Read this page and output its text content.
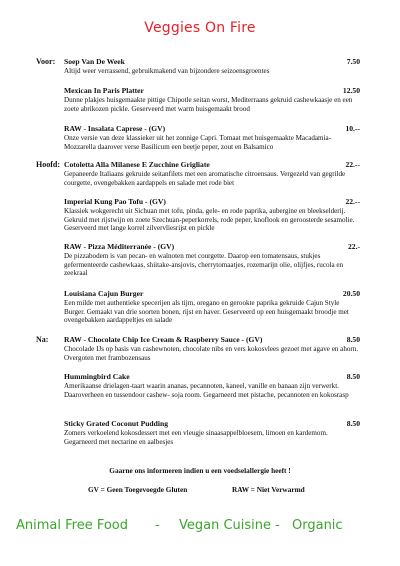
Veggies On Fire
Voor: Soep Van De Week	7.50
Altijd weer verrassend, gebruikmakend van bijzondere seizoensgroentes
Mexican In Paris Platter	12.50
Dunne plakjes huisgemaakte pittige Chipotle seitan worst, Mediterraans gekruid cashewkaasje en een zoete abrikozen pickle. Geserveerd met warm huisgemaakt brood
RAW - Insalata Caprese - (GV)	10.--
Onze versie van deze klassieker uit het zonnige Capri. Tomaat met huisgemaakte Macadamia-Mozzarella daarover verse Basilicum een beetje peper, zout en Balsamico
Hoofd: Cotoletta Alla Milanese E Zucchine Grigliate	22.--
Gepaneerde Italiaans gekruide seitanfilets met een aromatische citroensaus. Vergezeld van gegrilde courgette, ovengebakken aardappels en salade met rode biet
Imperial Kung Pao Tofu - (GV)	22.--
Klassiek wokgerecht uit Sichuan met tofu, pinda, gele- en rode paprika, aubergine en bleekselderij. Gekruid met rijstwijn en zoete Szechuan-peperkorrels, rode peper, knoflook en geroosterde sesamolie. Geserveerd met lange korrel zilvervliesrijst en pickle
RAW - Pizza Méditerranée - (GV)	22.-
De pizzabodem is van pecan- en walnoten met courgette. Daarop een tomatensaus, stukjes gefermenteerde cashewkaas, shiitake-ansjovis, cherrytomaatjes, rozemarijn olie, olijfjes, rucola en zeekraal
Louisiana Cajun Burger	20.50
Een milde met authentieke specerijen als tijm, oregano en gerookte paprika gekruide Cajun Style Burger. Gemaakt van drie soorten bonen, rijst en haver. Geserveerd op een huisgemaakt broodje met ovengebakken aardappeltjes en salade
Na: RAW - Chocolate Chip Ice Cream & Raspberry Sauce - (GV)	8.50
Chocolade IJs op basis van cashewnoten, chocolate nibs en vers kokosvlees gezoet met agave en ahorn. Overgoten met frambozensaus
Hummingbird Cake	8.50
Amerikaanse drielagen-taart waarin ananas, pecannoten, kaneel, vanille en banaan zijn verwerkt. Daaroverheen en tussendoor cashew- soja room. Gegarneerd met pistache, pecannoten en kokosrasp
Sticky Grated Coconut Pudding	8.50
Zomers verkoelend kokosdessert met een vleugje sinaasappelbloesem, limoen en kardemom. Gegarneerd met nectarine en aalbesjes
Gaarne ons informeren indien u een voedselallergie heeft !
GV = Geen Toegevoegde Gluten	RAW = Niet Verwarmd
Animal Free Food - Vegan Cuisine - Organic
